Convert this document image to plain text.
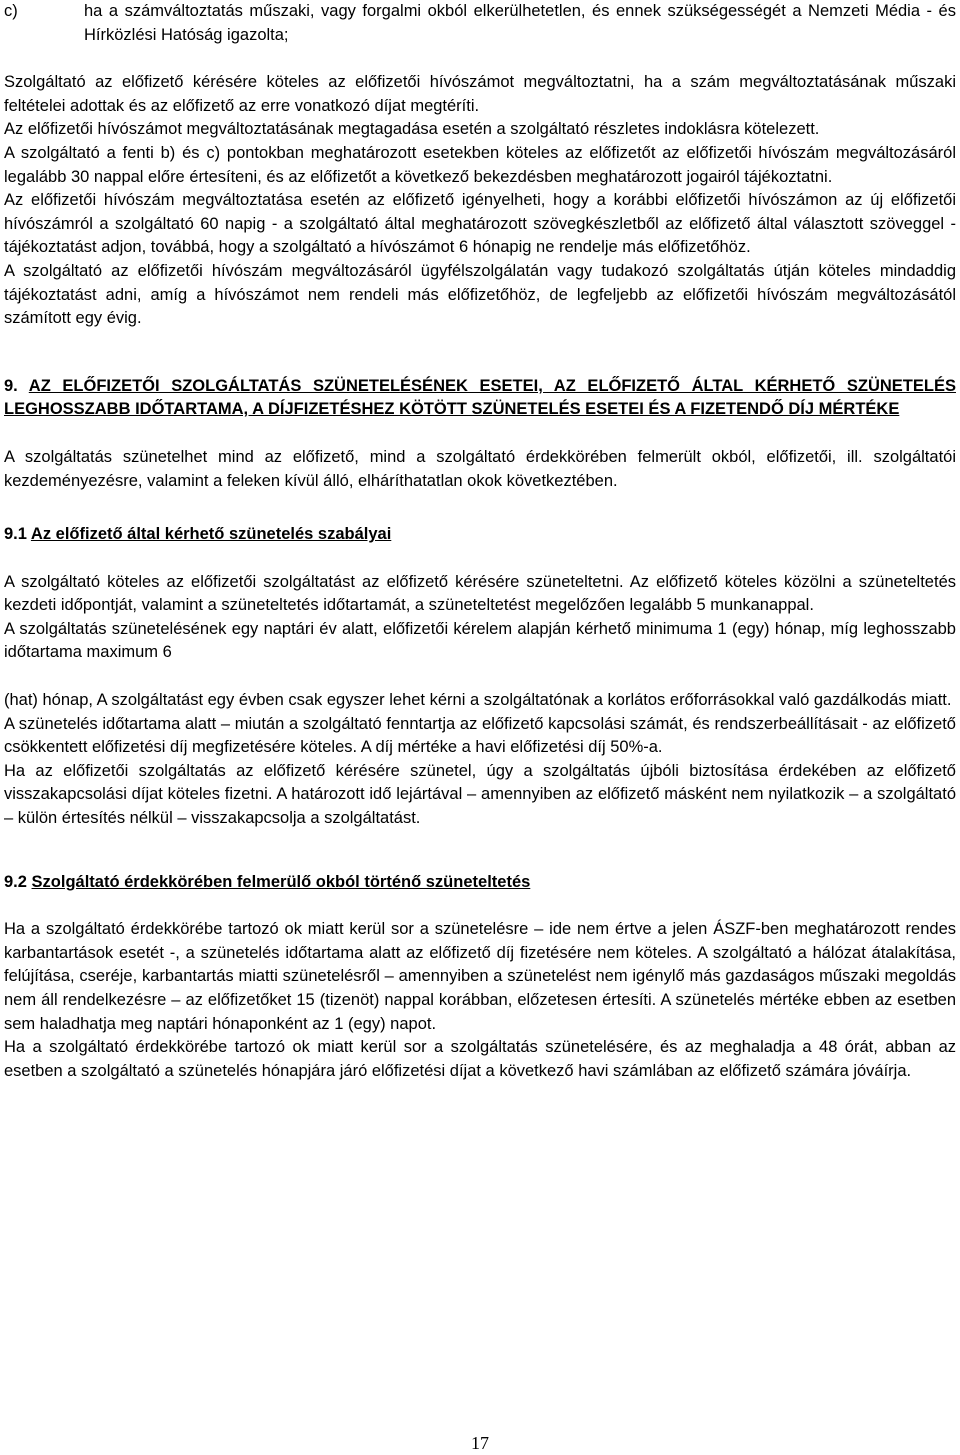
c)	ha a számváltoztatás műszaki, vagy forgalmi okból elkerülhetetlen, és ennek szükségességét a Nemzeti Média - és Hírközlési Hatóság igazolta;

Szolgáltató az előfizető kérésére köteles az előfizetői hívószámot megváltoztatni, ha a szám megváltoztatásának műszaki feltételei adottak és az előfizető az erre vonatkozó díjat megtéríti.

Az előfizetői hívószámot megváltoztatásának megtagadása esetén a szolgáltató részletes indoklásra kötelezett.

A szolgáltató a fenti b) és c) pontokban meghatározott esetekben köteles az előfizetőt az előfizetői hívószám megváltozásáról legalább 30 nappal előre értesíteni, és az előfizetőt a következő bekezdésben meghatározott jogairól tájékoztatni.

Az előfizetői hívószám megváltoztatása esetén az előfizető igényelheti, hogy a korábbi előfizetői hívószámon az új előfizetői hívószámról a szolgáltató 60 napig - a szolgáltató által meghatározott szövegkészletből az előfizető által választott szöveggel - tájékoztatást adjon, továbbá, hogy a szolgáltató a hívószámot 6 hónapig ne rendelje más előfizetőhöz.

A szolgáltató az előfizetői hívószám megváltozásáról ügyfélszolgálatán vagy tudakozó szolgáltatás útján köteles mindaddig tájékoztatást adni, amíg a hívószámot nem rendeli más előfizetőhöz, de legfeljebb az előfizetői hívószám megváltozásától számított egy évig.

9. AZ ELŐFIZETŐI SZOLGÁLTATÁS SZÜNETELÉSÉNEK ESETEI, AZ ELŐFIZETŐ ÁLTAL KÉRHETŐ SZÜNETELÉS LEGHOSSZABB IDŐTARTAMA, A DÍJFIZETÉSHEZ KÖTÖTT SZÜNETELÉS ESETEI ÉS A FIZETENDŐ DÍJ MÉRTÉKE

A szolgáltatás szünetelhet mind az előfizető, mind a szolgáltató érdekkörében felmerült okból, előfizetői, ill. szolgáltatói kezdeményezésre, valamint a feleken kívül álló, elháríthatatlan okok következtében.

9.1 Az előfizető által kérhető szünetelés szabályai

A szolgáltató köteles az előfizetői szolgáltatást az előfizető kérésére szüneteltetni. Az előfizető köteles közölni a szüneteltetés kezdeti időpontját, valamint a szüneteltetés időtartamát, a szüneteltetést megelőzően legalább 5 munkanappal.

A szolgáltatás szünetelésének egy naptári év alatt, előfizetői kérelem alapján kérhető minimuma 1 (egy) hónap, míg leghosszabb időtartama maximum 6

(hat) hónap, A szolgáltatást egy évben csak egyszer lehet kérni a szolgáltatónak a korlátos erőforrásokkal való gazdálkodás miatt.

A szünetelés időtartama alatt – miután a szolgáltató fenntartja az előfizető kapcsolási számát, és rendszerbeállításait - az előfizető csökkentett előfizetési díj megfizetésére köteles. A díj mértéke a havi előfizetési díj 50%-a.

Ha az előfizetői szolgáltatás az előfizető kérésére szünetel, úgy a szolgáltatás újbóli biztosítása érdekében az előfizető visszakapcsolási díjat köteles fizetni. A határozott idő lejártával – amennyiben az előfizető másként nem nyilatkozik – a szolgáltató – külön értesítés nélkül – visszakapcsolja a szolgáltatást.

9.2 Szolgáltató érdekkörében felmerülő okból történő szüneteltetés

Ha a szolgáltató érdekkörébe tartozó ok miatt kerül sor a szünetelésre – ide nem értve a jelen ÁSZF-ben meghatározott rendes karbantartások esetét -, a szünetelés időtartama alatt az előfizető díj fizetésére nem köteles. A szolgáltató a hálózat átalakítása, felújítása, cseréje, karbantartás miatti szünetelésről – amennyiben a szünetelést nem igénylő más gazdaságos műszaki megoldás nem áll rendelkezésre – az előfizetőket 15 (tizenöt) nappal korábban, előzetesen értesíti. A szünetelés mértéke ebben az esetben sem haladhatja meg naptári hónaponként az 1 (egy) napot.

Ha a szolgáltató érdekkörébe tartozó ok miatt kerül sor a szolgáltatás szünetelésére, és az meghaladja a 48 órát, abban az esetben a szolgáltató a szünetelés hónapjára járó előfizetési díjat a következő havi számlában az előfizető számára jóváírja.

17
